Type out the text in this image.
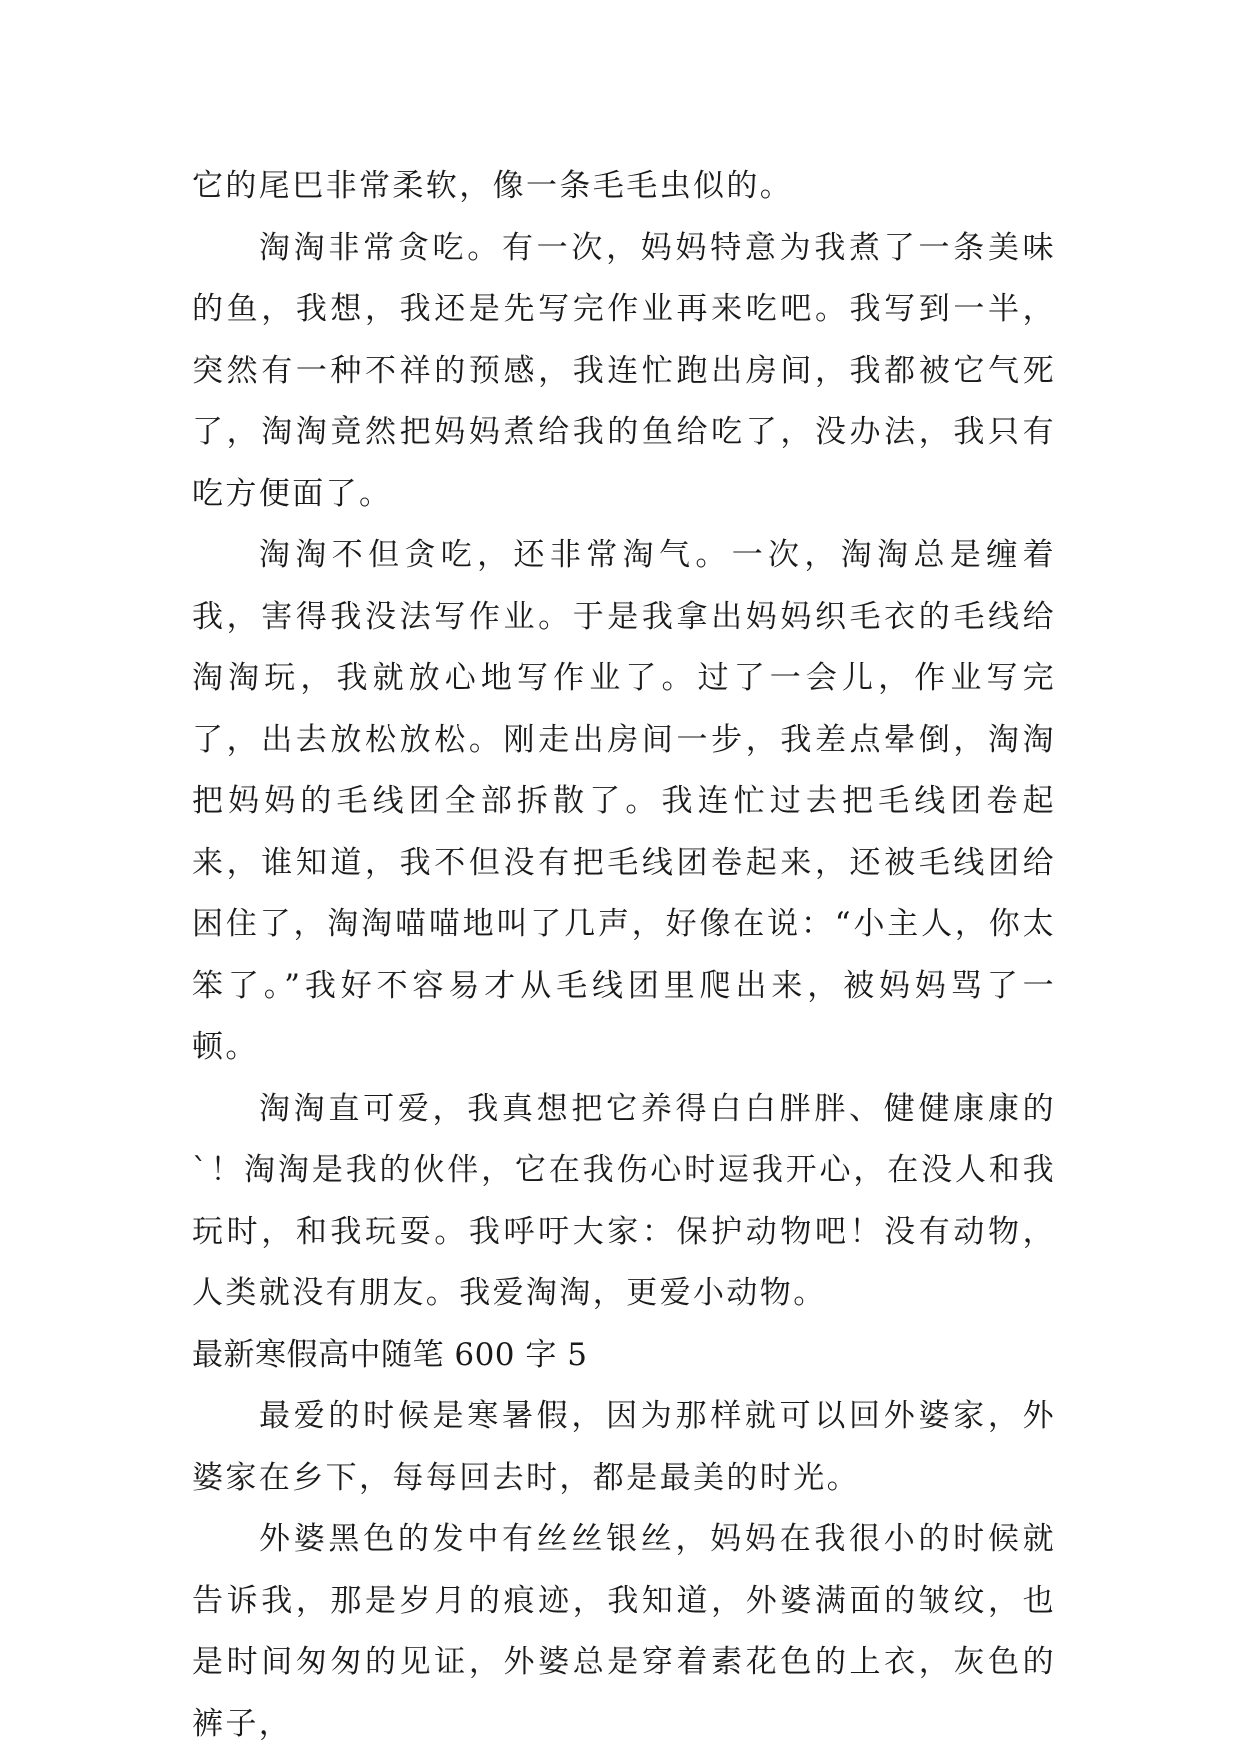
它的尾巴非常柔软，像一条毛毛虫似的。

淘淘非常贪吃。有一次，妈妈特意为我煮了一条美味的鱼，我想，我还是先写完作业再来吃吧。我写到一半，突然有一种不祥的预感，我连忙跑出房间，我都被它气死了，淘淘竟然把妈妈煮给我的鱼给吃了，没办法，我只有吃方便面了。

淘淘不但贪吃，还非常淘气。一次，淘淘总是缠着我，害得我没法写作业。于是我拿出妈妈织毛衣的毛线给淘淘玩，我就放心地写作业了。过了一会儿，作业写完了，出去放松放松。刚走出房间一步，我差点晕倒，淘淘把妈妈的毛线团全部拆散了。我连忙过去把毛线团卷起来，谁知道，我不但没有把毛线团卷起来，还被毛线团给困住了，淘淘喵喵地叫了几声，好像在说：“小主人，你太笨了。”我好不容易才从毛线团里爬出来，被妈妈骂了一顿。

淘淘直可爱，我真想把它养得白白胖胖、健健康康的`！淘淘是我的伙伴，它在我伤心时逗我开心，在没人和我玩时，和我玩耍。我呼吁大家：保护动物吧！没有动物，人类就没有朋友。我爱淘淘，更爱小动物。

最新寒假高中随笔 600 字 5

最爱的时候是寒暑假，因为那样就可以回外婆家，外婆家在乡下，每每回去时，都是最美的时光。

外婆黑色的发中有丝丝银丝，妈妈在我很小的时候就告诉我，那是岁月的痕迹，我知道，外婆满面的皱纹，也是时间匆匆的见证，外婆总是穿着素花色的上衣，灰色的裤子，
